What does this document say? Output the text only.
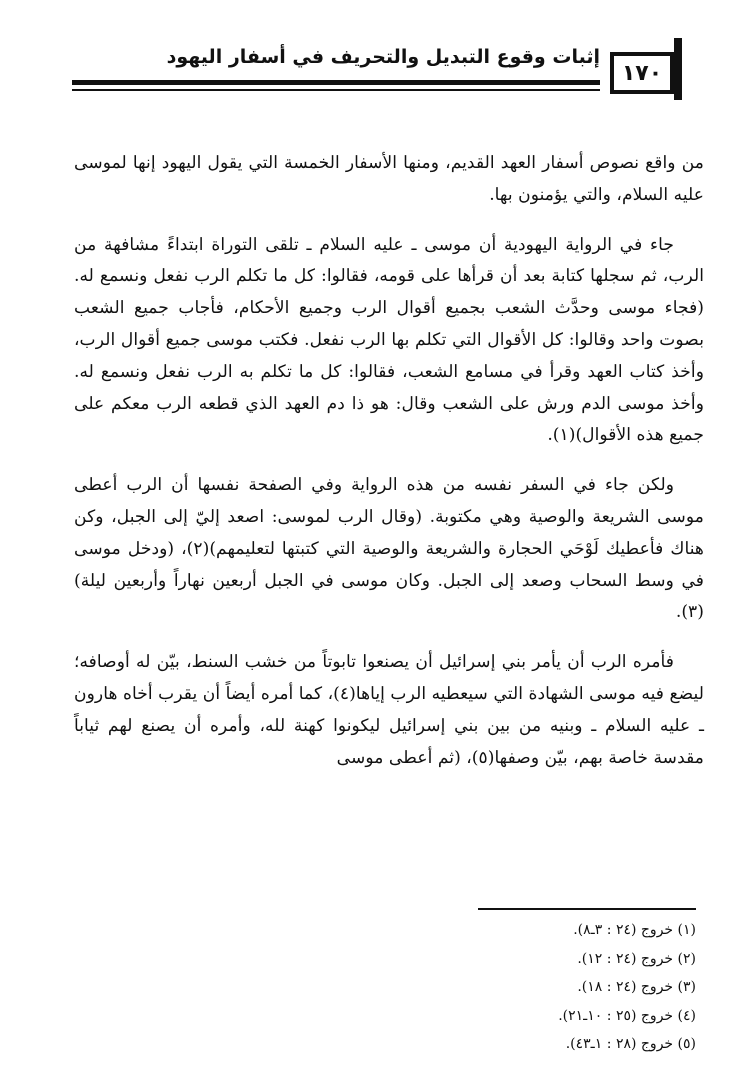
إثبات وقوع التبديل والتحريف في أسفار اليهود
١٧٠

من واقع نصوص أسفار العهد القديم، ومنها الأسفار الخمسة التي يقول اليهود إنها لموسى عليه السلام، والتي يؤمنون بها.

جاء في الرواية اليهودية أن موسى ـ عليه السلام ـ تلقى التوراة ابتداءً مشافهة من الرب، ثم سجلها كتابة بعد أن قرأها على قومه، فقالوا: كل ما تكلم الرب نفعل ونسمع له. (فجاء موسى وحدَّث الشعب بجميع أقوال الرب وجميع الأحكام، فأجاب جميع الشعب بصوت واحد وقالوا: كل الأقوال التي تكلم بها الرب نفعل. فكتب موسى جميع أقوال الرب، وأخذ كتاب العهد وقرأ في مسامع الشعب، فقالوا: كل ما تكلم به الرب نفعل ونسمع له. وأخذ موسى الدم ورش على الشعب وقال: هو ذا دم العهد الذي قطعه الرب معكم على جميع هذه الأقوال)(١).

ولكن جاء في السفر نفسه من هذه الرواية وفي الصفحة نفسها أن الرب أعطى موسى الشريعة والوصية وهي مكتوبة. (وقال الرب لموسى: اصعد إليّ إلى الجبل، وكن هناك فأعطيك لَوْحَي الحجارة والشريعة والوصية التي كتبتها لتعليمهم)(٢)، (ودخل موسى في وسط السحاب وصعد إلى الجبل. وكان موسى في الجبل أربعين نهاراً وأربعين ليلة)(٣).

فأمره الرب أن يأمر بني إسرائيل أن يصنعوا تابوتاً من خشب السنط، بيّن له أوصافه؛ ليضع فيه موسى الشهادة التي سيعطيه الرب إياها(٤)، كما أمره أيضاً أن يقرب أخاه هارون ـ عليه السلام ـ وبنيه من بين بني إسرائيل ليكونوا كهنة لله، وأمره أن يصنع لهم ثياباً مقدسة خاصة بهم، بيّن وصفها(٥)، (ثم أعطى موسى

(١) خروج (٢٤ : ٣ـ٨).

(٢) خروج (٢٤ : ١٢).

(٣) خروج (٢٤ : ١٨).

(٤) خروج (٢٥ : ١٠ـ٢١).

(٥) خروج (٢٨ : ١ـ٤٣).
